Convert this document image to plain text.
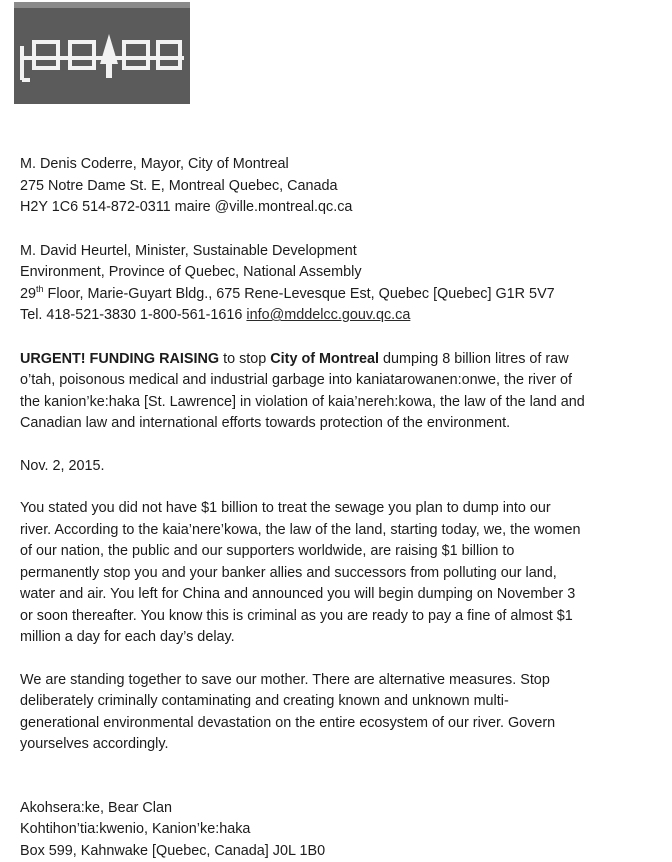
M. Denis Coderre, Mayor, City of Montreal
275 Notre Dame St. E, Montreal Quebec, Canada
H2Y 1C6 514-872-0311 maire @ville.montreal.qc.ca
M. David Heurtel, Minister, Sustainable Development
Environment, Province of Quebec, National Assembly
29th Floor, Marie-Guyart Bldg., 675 Rene-Levesque Est, Quebec [Quebec] G1R 5V7
Tel. 418-521-3830 1-800-561-1616 info@mddelcc.gouv.qc.ca
URGENT! FUNDING RAISING to stop City of Montreal dumping 8 billion litres of raw
o’tah, poisonous medical and industrial garbage into kaniatarowanen:onwe, the river of
the kanion’ke:haka [St. Lawrence] in violation of kaia’nereh:kowa, the law of the land and
Canadian law and international efforts towards protection of the environment.
Nov. 2, 2015.
You stated you did not have $1 billion to treat the sewage you plan to dump into our
river. According to the kaia’nere’kowa, the law of the land, starting today, we, the women
of our nation, the public and our supporters worldwide, are raising $1 billion to
permanently stop you and your banker allies and successors from polluting our land,
water and air. You left for China and announced you will begin dumping on November 3
or soon thereafter. You know this is criminal as you are ready to pay a fine of almost $1
million a day for each day’s delay.
We are standing together to save our mother. There are alternative measures. Stop
deliberately criminally contaminating and creating known and unknown multi-
generational environmental devastation on the entire ecosystem of our river. Govern
yourselves accordingly.
Akohsera:ke, Bear Clan
Kohtihon’tia:kwenio, Kanion’ke:haka
Box 599, Kahnwake [Quebec, Canada] J0L 1B0
